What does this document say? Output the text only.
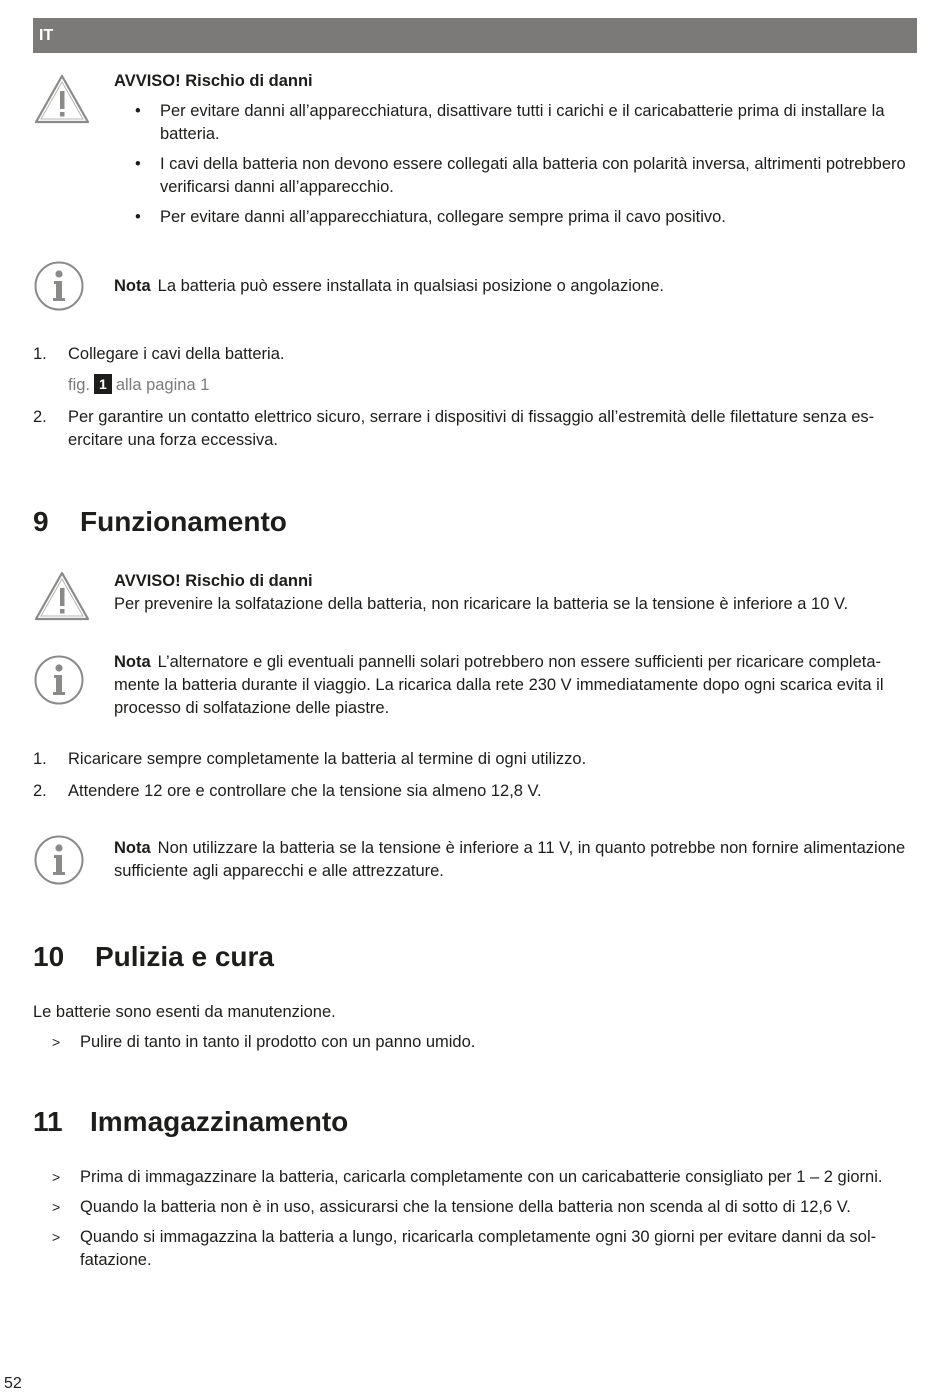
IT
AVVISO! Rischio di danni
• Per evitare danni all’apparecchiatura, disattivare tutti i carichi e il caricabatterie prima di installare la batteria.
• I cavi della batteria non devono essere collegati alla batteria con polarità inversa, altrimenti potrebbero verificarsi danni all’apparecchio.
• Per evitare danni all’apparecchiatura, collegare sempre prima il cavo positivo.
Nota La batteria può essere installata in qualsiasi posizione o angolazione.
1. Collegare i cavi della batteria.
fig. 1 alla pagina 1
2. Per garantire un contatto elettrico sicuro, serrare i dispositivi di fissaggio all’estremità delle filettature senza esercitare una forza eccessiva.
9 Funzionamento
AVVISO! Rischio di danni
Per prevenire la solfatazione della batteria, non ricaricare la batteria se la tensione è inferiore a 10 V.
Nota L’alternatore e gli eventuali pannelli solari potrebbero non essere sufficienti per ricaricare completamente la batteria durante il viaggio. La ricarica dalla rete 230 V immediatamente dopo ogni scarica evita il processo di solfatazione delle piastre.
1. Ricaricare sempre completamente la batteria al termine di ogni utilizzo.
2. Attendere 12 ore e controllare che la tensione sia almeno 12,8 V.
Nota Non utilizzare la batteria se la tensione è inferiore a 11 V, in quanto potrebbe non fornire alimentazione sufficiente agli apparecchi e alle attrezzature.
10 Pulizia e cura
Le batterie sono esenti da manutenzione.
> Pulire di tanto in tanto il prodotto con un panno umido.
11 Immagazzinamento
> Prima di immagazzinare la batteria, caricarla completamente con un caricabatterie consigliato per 1 – 2 giorni.
> Quando la batteria non è in uso, assicurarsi che la tensione della batteria non scenda al di sotto di 12,6 V.
> Quando si immagazzina la batteria a lungo, ricaricarla completamente ogni 30 giorni per evitare danni da solfatazione.
52
